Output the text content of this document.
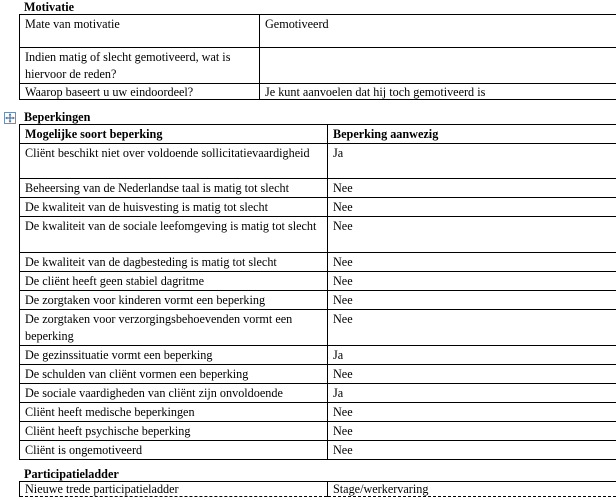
Motivatie
Mate van motivatie	Gemotiveerd
Indien matig of slecht gemotiveerd, wat is hiervoor de reden?	
Waarop baseert u uw eindoordeel?	Je kunt aanvoelen dat hij toch gemotiveerd is
Beperkingen
Mogelijke soort beperking	Beperking aanwezig
Cliënt beschikt niet over voldoende sollicitatievaardigheid	Ja
Beheersing van de Nederlandse taal is matig tot slecht	Nee
De kwaliteit van de huisvesting is matig tot slecht	Nee
De kwaliteit van de sociale leefomgeving is matig tot slecht	Nee
De kwaliteit van de dagbesteding is matig tot slecht	Nee
De cliënt heeft geen stabiel dagritme	Nee
De zorgtaken voor kinderen vormt een beperking	Nee
De zorgtaken voor verzorgingsbehoevenden vormt een beperking	Nee
De gezinssituatie vormt een beperking	Ja
De schulden van cliënt vormen een beperking	Nee
De sociale vaardigheden van cliënt zijn onvoldoende	Ja
Cliënt heeft medische beperkingen	Nee
Cliënt heeft psychische beperking	Nee
Cliënt is ongemotiveerd	Nee
Participatieladder
Nieuwe trede participatieladder	Stage/werkervaring
